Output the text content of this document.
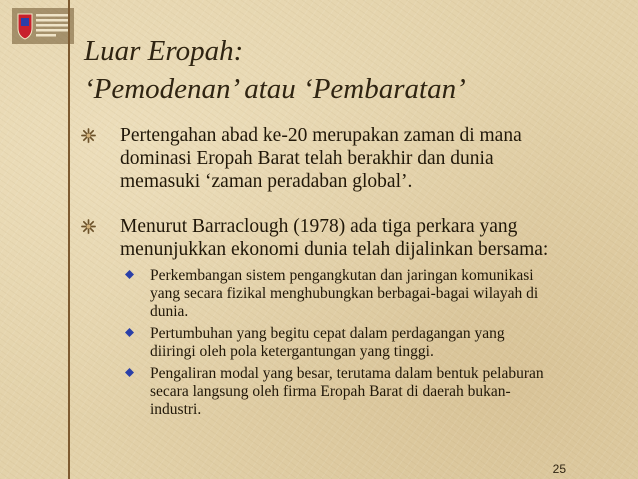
Luar Eropah:
‘Pemodenan’ atau ‘Pembaratan’
Pertengahan abad ke-20 merupakan zaman di mana
dominasi Eropah Barat telah berakhir dan dunia
memasuki ‘zaman peradaban global’.
Menurut Barraclough (1978) ada tiga perkara yang
menunjukkan ekonomi dunia telah dijalinkan bersama:
Perkembangan sistem pengangkutan dan jaringan komunikasi
yang secara fizikal menghubungkan berbagai-bagai wilayah di
dunia.
Pertumbuhan yang begitu cepat dalam perdagangan yang
diiringi oleh pola ketergantungan yang tinggi.
Pengaliran modal yang besar, terutama dalam bentuk pelaburan
secara langsung oleh firma Eropah Barat di daerah bukan-
industri.
25
